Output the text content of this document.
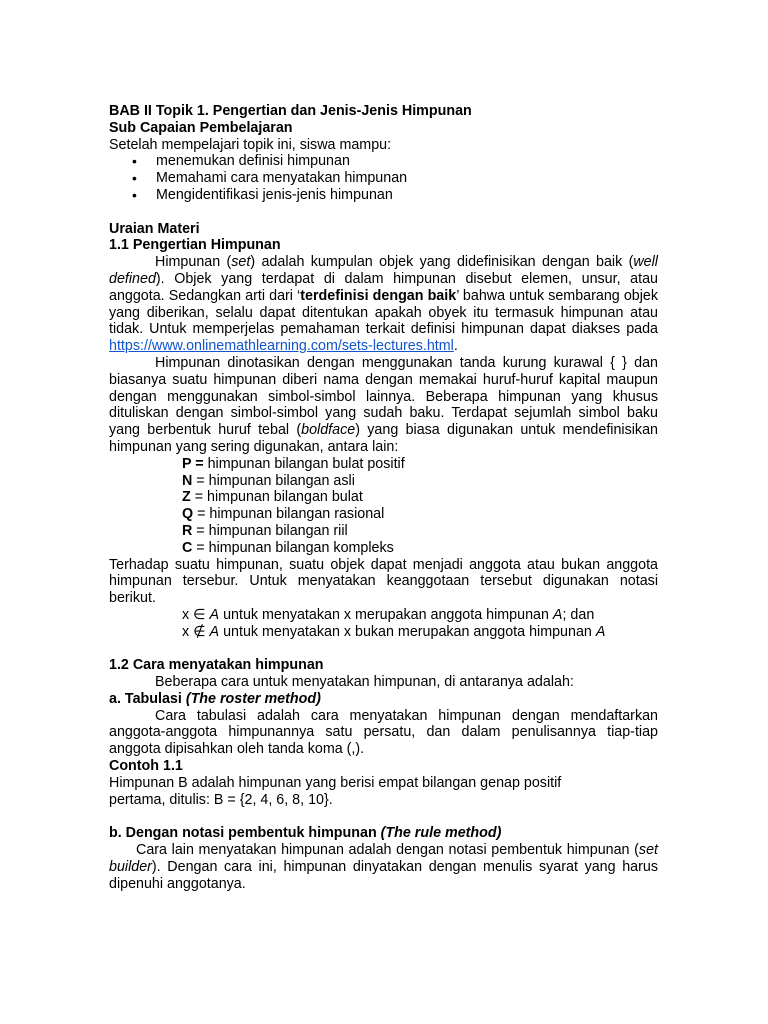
BAB II Topik 1. Pengertian dan Jenis-Jenis Himpunan

Sub Capaian Pembelajaran

Setelah mempelajari topik ini, siswa mampu:

• menemukan definisi himpunan
• Memahami cara menyatakan himpunan
• Mengidentifikasi jenis-jenis himpunan

Uraian Materi

1.1 Pengertian Himpunan

Himpunan (set) adalah kumpulan objek yang didefinisikan dengan baik (well defined). Objek yang terdapat di dalam himpunan disebut elemen, unsur, atau anggota. Sedangkan arti dari ‘terdefinisi dengan baik’ bahwa untuk sembarang objek yang diberikan, selalu dapat ditentukan apakah obyek itu termasuk himpunan atau tidak. Untuk memperjelas pemahaman terkait definisi himpunan dapat diakses pada https://www.onlinemathlearning.com/sets-lectures.html.

Himpunan dinotasikan dengan menggunakan tanda kurung kurawal { } dan biasanya suatu himpunan diberi nama dengan memakai huruf-huruf kapital maupun dengan menggunakan simbol-simbol lainnya. Beberapa himpunan yang khusus dituliskan dengan simbol-simbol yang sudah baku. Terdapat sejumlah simbol baku yang berbentuk huruf tebal (boldface) yang biasa digunakan untuk mendefinisikan himpunan yang sering digunakan, antara lain:

P = himpunan bilangan bulat positif

N = himpunan bilangan asli

Z = himpunan bilangan bulat

Q = himpunan bilangan rasional

R = himpunan bilangan riil

C = himpunan bilangan kompleks

Terhadap suatu himpunan, suatu objek dapat menjadi anggota atau bukan anggota himpunan tersebur. Untuk menyatakan keanggotaan tersebut digunakan notasi berikut.

x ∈ A untuk menyatakan x merupakan anggota himpunan A; dan

x ∉ A untuk menyatakan x bukan merupakan anggota himpunan A

1.2 Cara menyatakan himpunan

Beberapa cara untuk menyatakan himpunan, di antaranya adalah:

a. Tabulasi (The roster method)

Cara tabulasi adalah cara menyatakan himpunan dengan mendaftarkan anggota-anggota himpunannya satu persatu, dan dalam penulisannya tiap-tiap anggota dipisahkan oleh tanda koma (,).

Contoh 1.1

Himpunan B adalah himpunan yang berisi empat bilangan genap positif

pertama, ditulis: B = {2, 4, 6, 8, 10}.

b. Dengan notasi pembentuk himpunan (The rule method)

Cara lain menyatakan himpunan adalah dengan notasi pembentuk himpunan (set builder). Dengan cara ini, himpunan dinyatakan dengan menulis syarat yang harus dipenuhi anggotanya.
